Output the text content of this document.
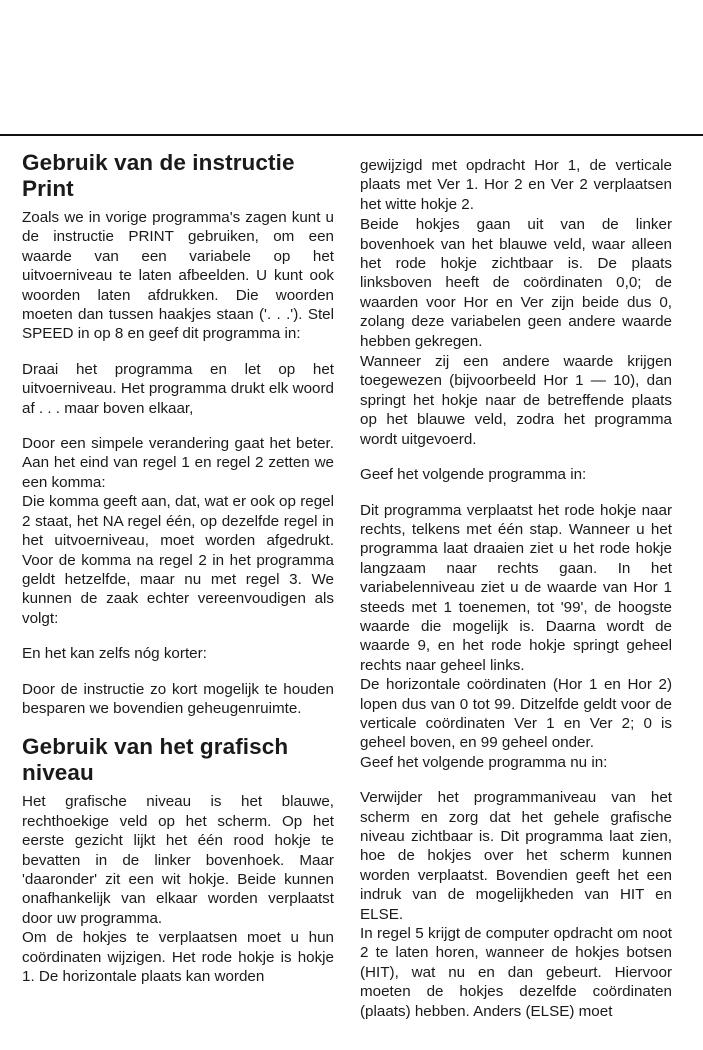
Gebruik van de instructie Print

Zoals we in vorige programma's zagen kunt u de instructie PRINT gebruiken, om een waarde van een variabele op het uitvoerniveau te laten afbeelden. U kunt ook woorden laten afdrukken. Die woorden moeten dan tussen haakjes staan ('. . .'). Stel SPEED in op 8 en geef dit programma in:

Draai het programma en let op het uitvoerniveau. Het programma drukt elk woord af . . . maar boven elkaar,

Door een simpele verandering gaat het beter. Aan het eind van regel 1 en regel 2 zetten we een komma:

Die komma geeft aan, dat, wat er ook op regel 2 staat, het NA regel één, op dezelfde regel in het uitvoerniveau, moet worden afgedrukt. Voor de komma na regel 2 in het programma geldt hetzelfde, maar nu met regel 3. We kunnen de zaak echter vereenvoudigen als volgt:

En het kan zelfs nóg korter:

Door de instructie zo kort mogelijk te houden besparen we bovendien geheugenruimte.

Gebruik van het grafisch niveau

Het grafische niveau is het blauwe, rechthoekige veld op het scherm. Op het eerste gezicht lijkt het één rood hokje te bevatten in de linker bovenhoek. Maar 'daaronder' zit een wit hokje. Beide kunnen onafhankelijk van elkaar worden verplaatst door uw programma.

Om de hokjes te verplaatsen moet u hun coördinaten wijzigen. Het rode hokje is hokje 1. De horizontale plaats kan worden

gewijzigd met opdracht Hor 1, de verticale plaats met Ver 1. Hor 2 en Ver 2 verplaatsen het witte hokje 2.

Beide hokjes gaan uit van de linker bovenhoek van het blauwe veld, waar alleen het rode hokje zichtbaar is. De plaats linksboven heeft de coördinaten 0,0; de waarden voor Hor en Ver zijn beide dus 0, zolang deze variabelen geen andere waarde hebben gekregen.

Wanneer zij een andere waarde krijgen toegewezen (bijvoorbeeld Hor 1 — 10), dan springt het hokje naar de betreffende plaats op het blauwe veld, zodra het programma wordt uitgevoerd.

Geef het volgende programma in:

Dit programma verplaatst het rode hokje naar rechts, telkens met één stap. Wanneer u het programma laat draaien ziet u het rode hokje langzaam naar rechts gaan. In het variabelenniveau ziet u de waarde van Hor 1 steeds met 1 toenemen, tot '99', de hoogste waarde die mogelijk is. Daarna wordt de waarde 9, en het rode hokje springt geheel rechts naar geheel links.

De horizontale coördinaten (Hor 1 en Hor 2) lopen dus van 0 tot 99. Ditzelfde geldt voor de verticale coördinaten Ver 1 en Ver 2; 0 is geheel boven, en 99 geheel onder.

Geef het volgende programma nu in:

Verwijder het programmaniveau van het scherm en zorg dat het gehele grafische niveau zichtbaar is. Dit programma laat zien, hoe de hokjes over het scherm kunnen worden verplaatst. Bovendien geeft het een indruk van de mogelijkheden van HIT en ELSE.

In regel 5 krijgt de computer opdracht om noot 2 te laten horen, wanneer de hokjes botsen (HIT), wat nu en dan gebeurt. Hiervoor moeten de hokjes dezelfde coördinaten (plaats) hebben. Anders (ELSE) moet
